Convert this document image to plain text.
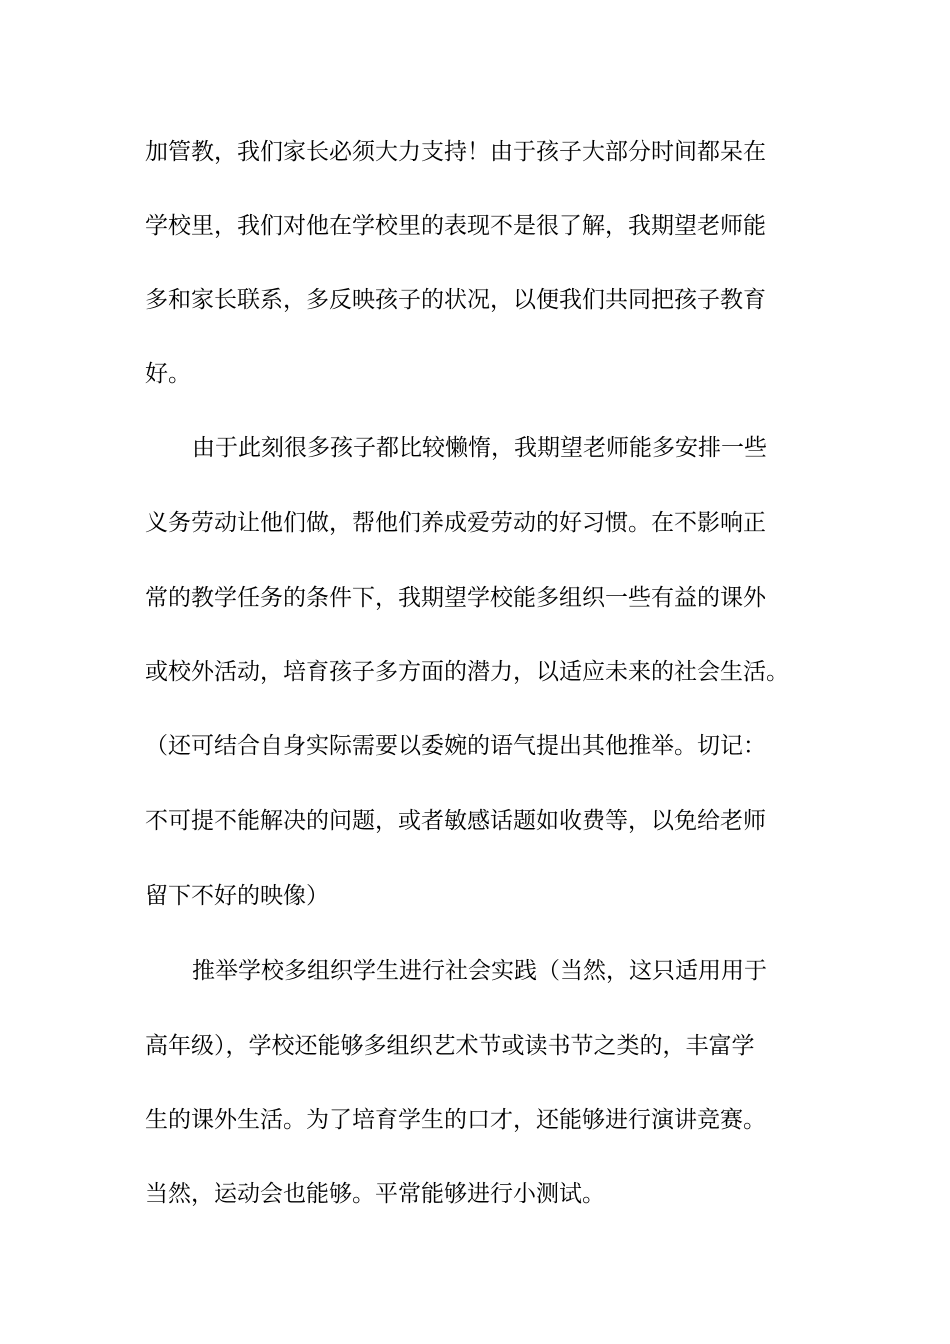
加管教，我们家长必须大力支持！由于孩子大部分时间都呆在
学校里，我们对他在学校里的表现不是很了解，我期望老师能
多和家长联系，多反映孩子的状况，以便我们共同把孩子教育
好。
由于此刻很多孩子都比较懒惰，我期望老师能多安排一些
义务劳动让他们做，帮他们养成爱劳动的好习惯。在不影响正
常的教学任务的条件下，我期望学校能多组织一些有益的课外
或校外活动，培育孩子多方面的潜力，以适应未来的社会生活。
（还可结合自身实际需要以委婉的语气提出其他推举。切记：
不可提不能解决的问题，或者敏感话题如收费等，以免给老师
留下不好的映像）
推举学校多组织学生进行社会实践（当然，这只适用用于
高年级），学校还能够多组织艺术节或读书节之类的，丰富学
生的课外生活。为了培育学生的口才，还能够进行演讲竞赛。
当然，运动会也能够。平常能够进行小测试。
